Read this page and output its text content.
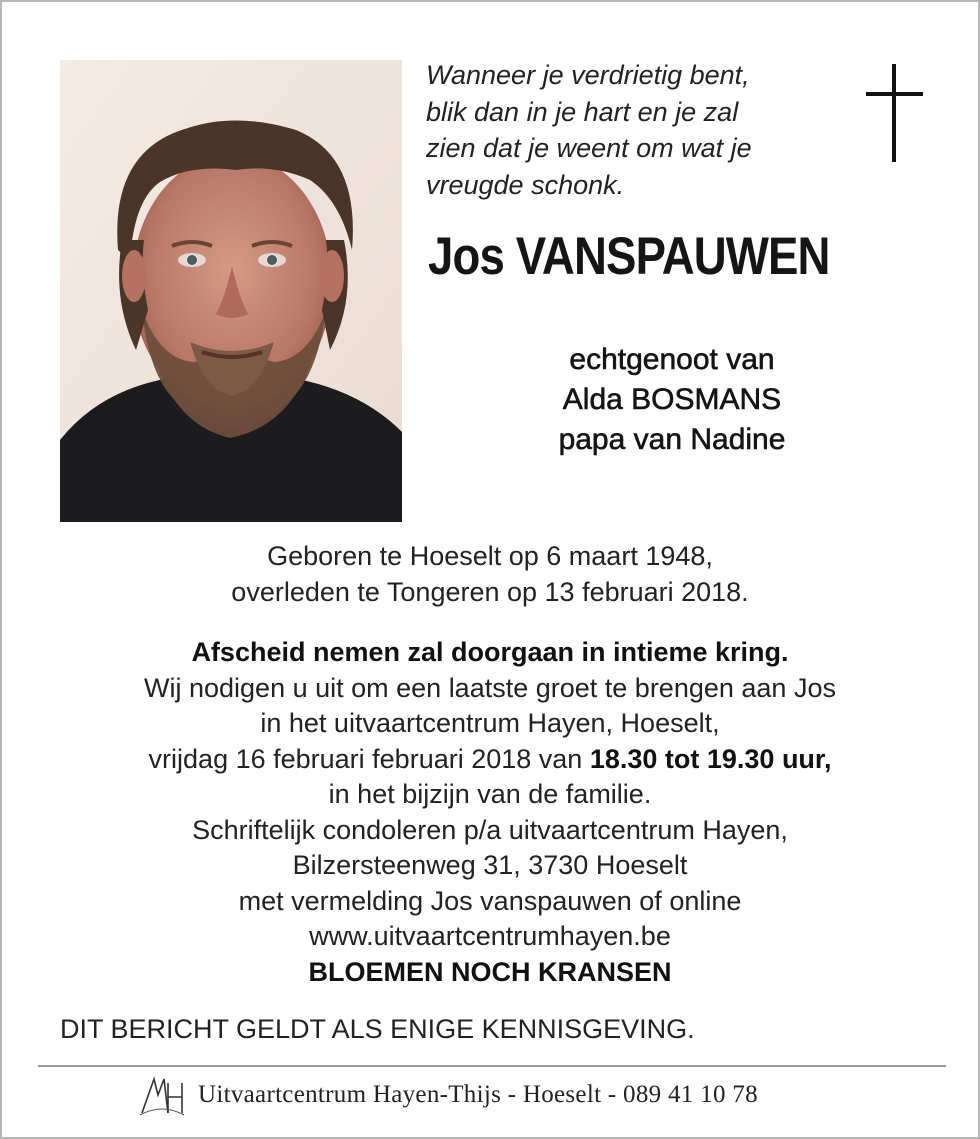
Wanneer je verdrietig bent,
blik dan in je hart en je zal
zien dat je weent om wat je
vreugde schonk.
Jos VANSPAUWEN
echtgenoot van
Alda BOSMANS
papa van Nadine
Geboren te Hoeselt op 6 maart 1948,
overleden te Tongeren op 13 februari 2018.
Afscheid nemen zal doorgaan in intieme kring.
Wij nodigen u uit om een laatste groet te brengen aan Jos
in het uitvaartcentrum Hayen, Hoeselt,
vrijdag 16 februari februari 2018 van 18.30 tot 19.30 uur,
in het bijzijn van de familie.
Schriftelijk condoleren p/a uitvaartcentrum Hayen,
Bilzersteenweg 31, 3730 Hoeselt
met vermelding Jos vanspauwen of online
www.uitvaartcentrumhayen.be
BLOEMEN NOCH KRANSEN
DIT BERICHT GELDT ALS ENIGE KENNISGEVING.
Uitvaartcentrum Hayen-Thijs - Hoeselt - 089 41 10 78
